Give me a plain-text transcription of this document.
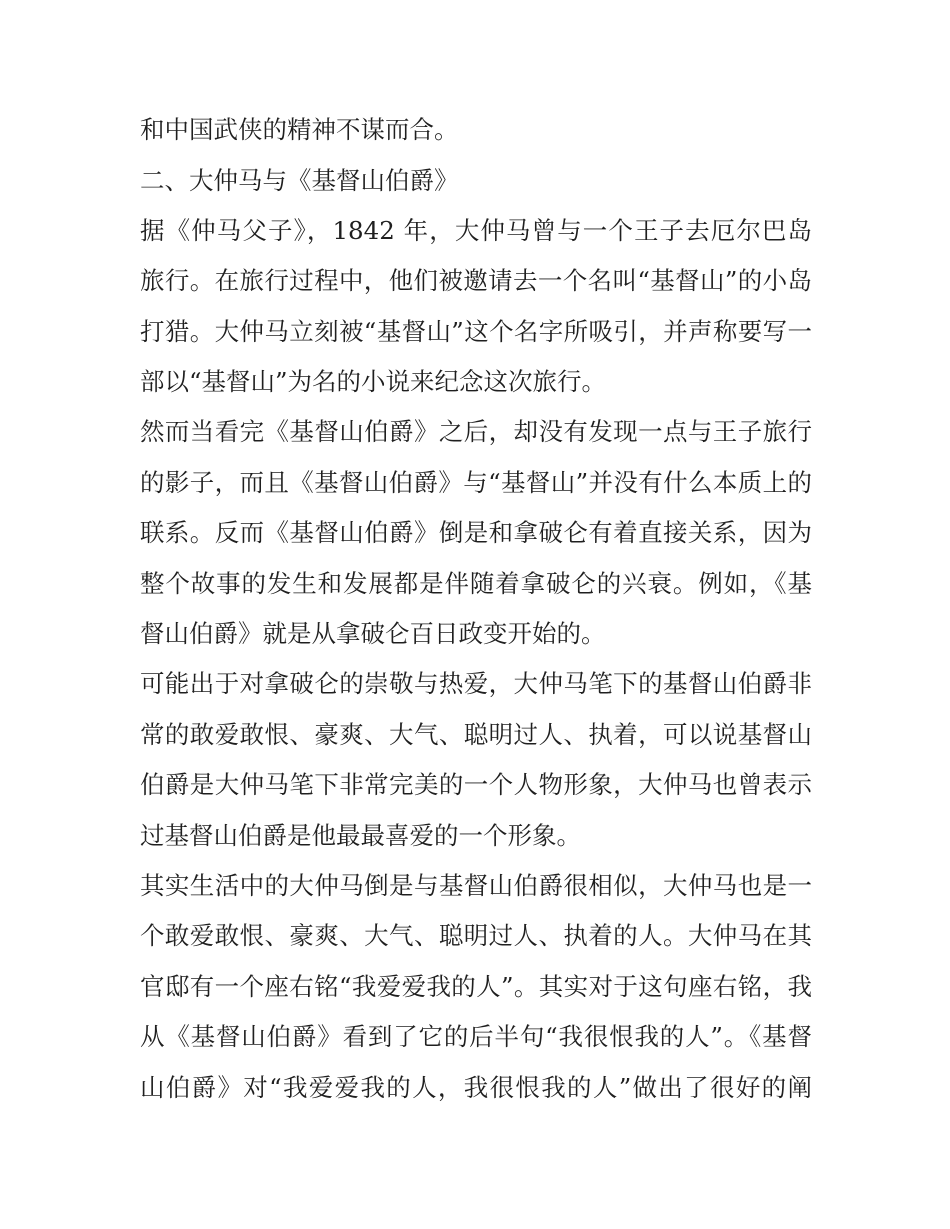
和中国武侠的精神不谋而合。
二、大仲马与《基督山伯爵》
据《仲马父子》，1842 年，大仲马曾与一个王子去厄尔巴岛
旅行。在旅行过程中，他们被邀请去一个名叫“基督山”的小岛
打猎。大仲马立刻被“基督山”这个名字所吸引，并声称要写一
部以“基督山”为名的小说来纪念这次旅行。
然而当看完《基督山伯爵》之后，却没有发现一点与王子旅行
的影子，而且《基督山伯爵》与“基督山”并没有什么本质上的
联系。反而《基督山伯爵》倒是和拿破仑有着直接关系，因为
整个故事的发生和发展都是伴随着拿破仑的兴衰。例如，《基
督山伯爵》就是从拿破仑百日政变开始的。
可能出于对拿破仑的崇敬与热爱，大仲马笔下的基督山伯爵非
常的敢爱敢恨、豪爽、大气、聪明过人、执着，可以说基督山
伯爵是大仲马笔下非常完美的一个人物形象，大仲马也曾表示
过基督山伯爵是他最最喜爱的一个形象。
其实生活中的大仲马倒是与基督山伯爵很相似，大仲马也是一
个敢爱敢恨、豪爽、大气、聪明过人、执着的人。大仲马在其
官邸有一个座右铭“我爱爱我的人”。其实对于这句座右铭，我
从《基督山伯爵》看到了它的后半句“我很恨我的人”。《基督
山伯爵》对“我爱爱我的人，我很恨我的人”做出了很好的阐
